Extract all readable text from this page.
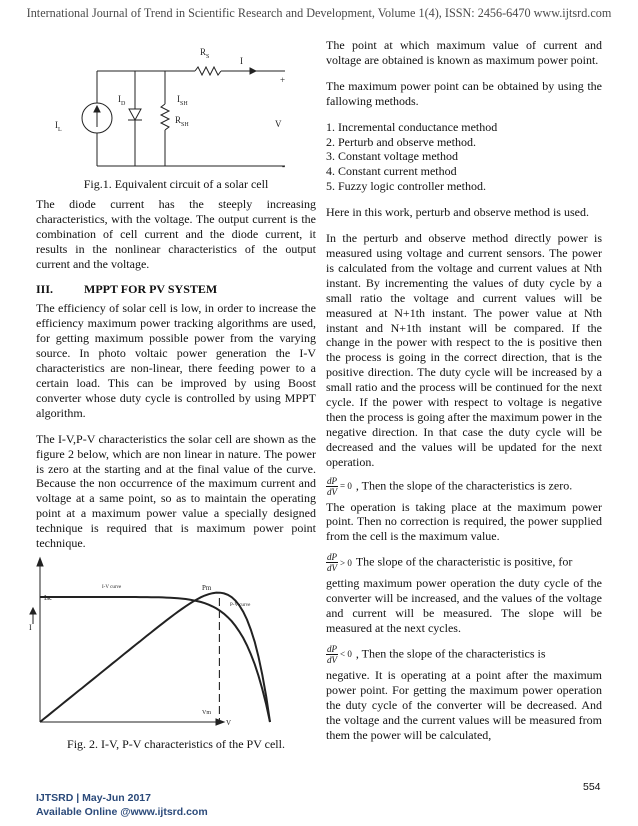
International Journal of Trend in Scientific Research and Development, Volume 1(4), ISSN: 2456-6470 www.ijtsrd.com
$R_S$	I
+
$I_D$	$I_{SH}$
$R_{SH}$
$I_L$
V
-
Fig.1. Equivalent circuit of a solar cell

The diode current has the steeply increasing characteristics, with the voltage. The output current is the combination of cell current and the diode current, it results in the nonlinear characteristics of the output current and the voltage.

III.	MPPT FOR PV SYSTEM

The efficiency of solar cell is low, in order to increase the efficiency maximum power tracking algorithms are used, for getting maximum possible power from the varying source. In photo voltaic power generation the I-V characteristics are non-linear, there feeding power to a certain load. This can be improved by using Boost converter whose duty cycle is controlled by using MPPT algorithm.

The I-V,P-V characteristics the solar cell are shown as the figure 2 below, which are non linear in nature. The power is zero at the starting and at the final value of the curve. Because the non occurrence of the maximum current and voltage at a same point, so as to maintain the operating point at a maximum power value a specially designed technique is required that is maximum power point technique.

I-V curve
P-V curve
Pm
Isc
I
Vm
V
Fig. 2. I-V, P-V characteristics of the PV cell.

The point at which maximum value of current and voltage are obtained is known as maximum power point.

The maximum power point can be obtained by using the fallowing methods.

1. Incremental conductance method
2. Perturb and observe method.
3. Constant voltage method
4. Constant current method
5. Fuzzy logic controller method.

Here in this work, perturb and observe method is used.

In the perturb and observe method directly power is measured using voltage and current sensors. The power is calculated from the voltage and current values at Nth instant. By incrementing the values of duty cycle by a small ratio the voltage and current values will be measured at N+1th instant. The power value at Nth instant and N+1th instant will be compared. If the change in the power with respect to the is positive then the process is going in the correct direction, that is the positive direction. The duty cycle will be increased by a small ratio and the process will be continued for the next cycle. If the power with respect to voltage is negative then the process is going after the maximum power in the negative direction. In that case the duty cycle will be decreased and the values will be updated for the next operation.

$\frac{dP}{dV} = 0$ , Then the slope of the characteristics is zero.

The operation is taking place at the maximum power point. Then no correction is required, the power supplied from the cell is the maximum value.

$\frac{dP}{dV} > 0$ The slope of the characteristic is positive, for

getting maximum power operation the duty cycle of the converter will be increased, and the values of the voltage and current will be measured. The slope will be measured at the next cycles.

$\frac{dP}{dV} < 0$ , Then the slope of the characteristics is

negative. It is operating at a point after the maximum power point. For getting the maximum power operation the duty cycle of the converter will be decreased. And the voltage and the current values will be measured from them the power will be calculated,

554
IJTSRD | May-Jun 2017
Available Online @www.ijtsrd.com
